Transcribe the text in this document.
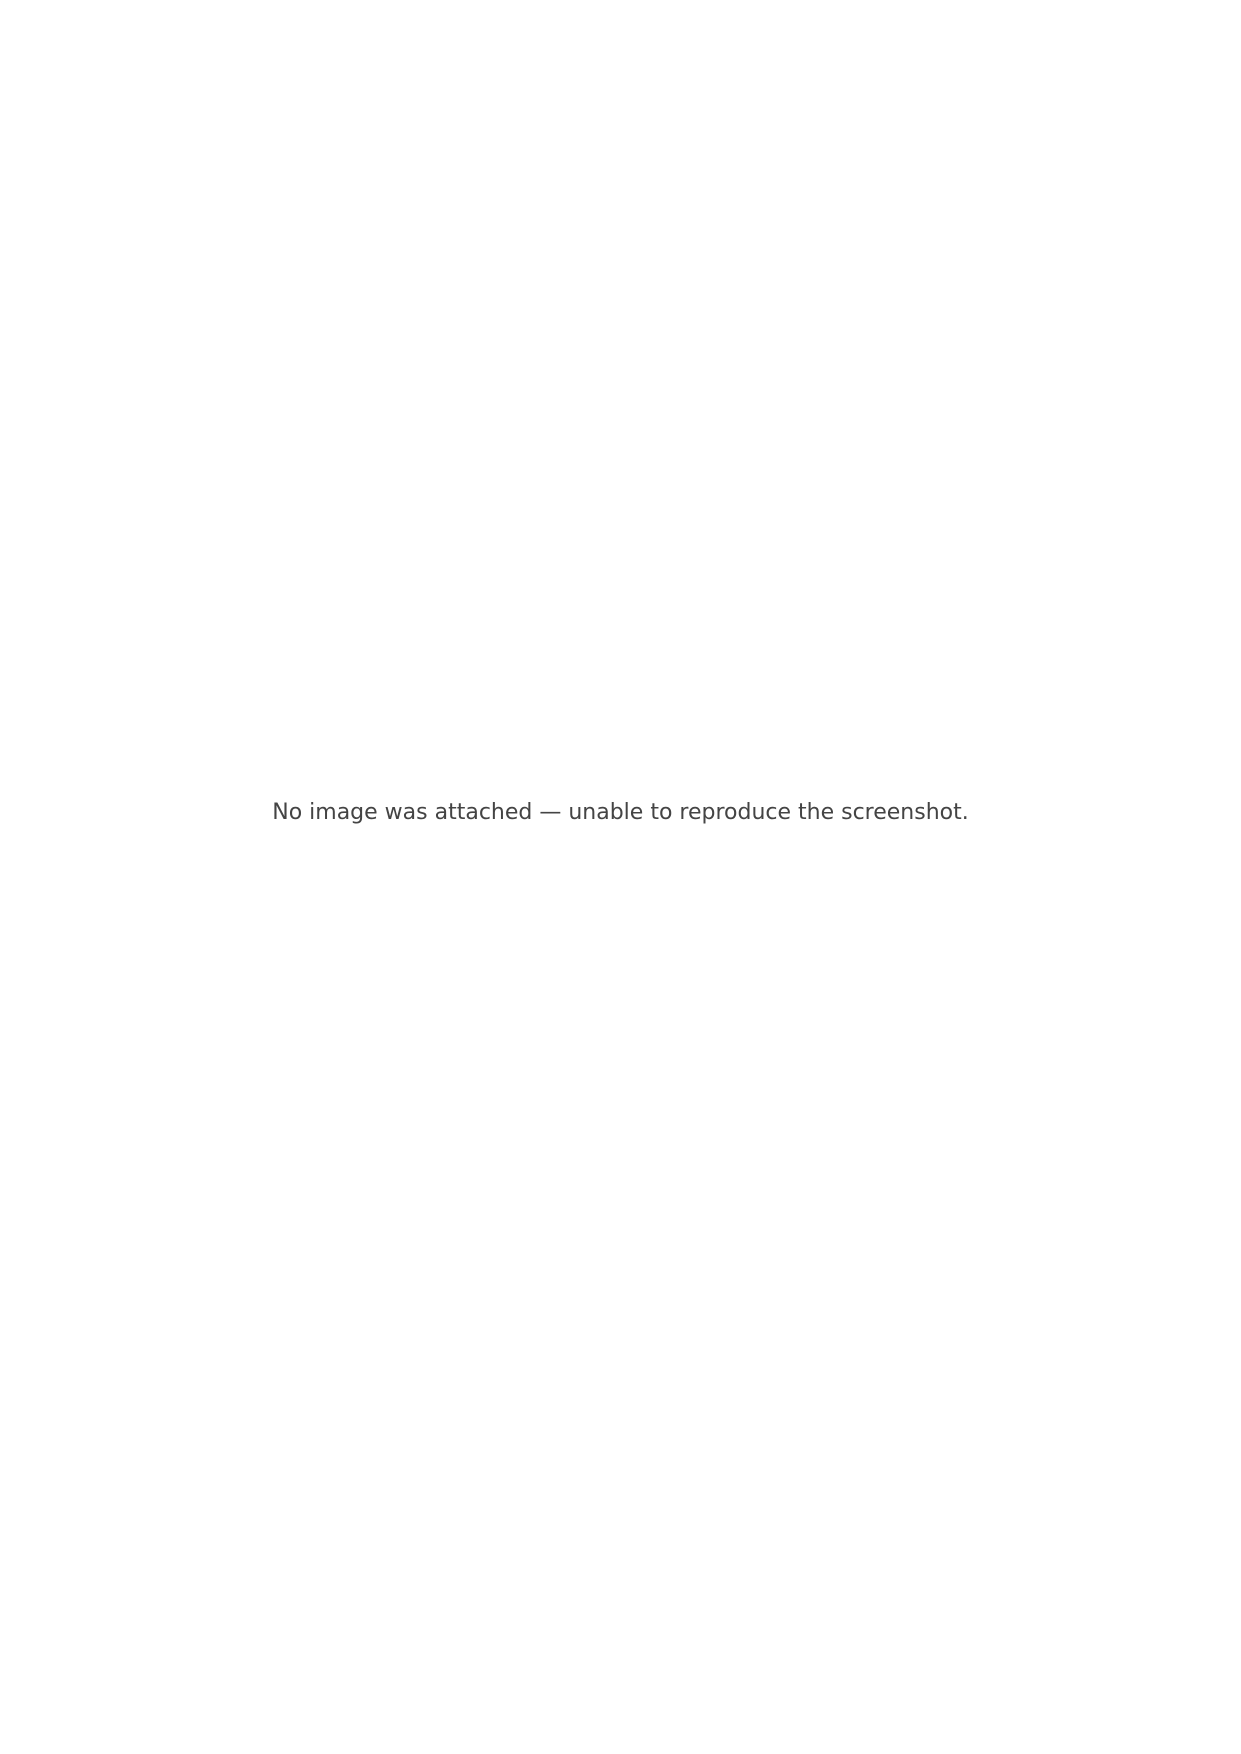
No image was attached — unable to reproduce the screenshot.
